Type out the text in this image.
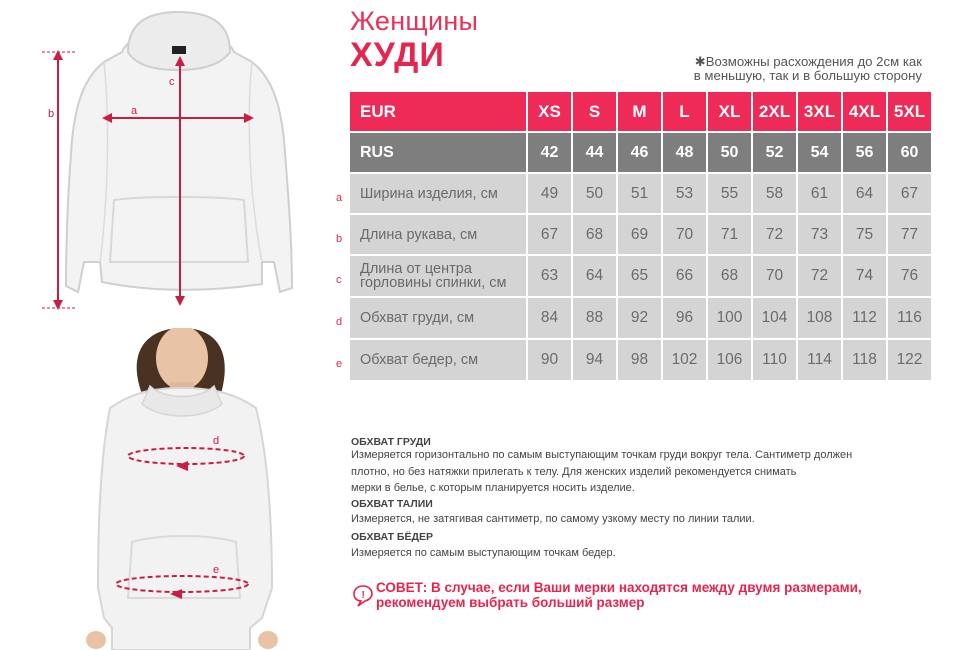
b	a
c
d
e
Женщины
ХУДИ	✱Возможны расхождения до 2см как
в меньшую, так и в большую сторону
EUR	XS	S	M	L	XL	2XL	3XL	4XL	5XL
RUS	42	44	46	48	50	52	54	56	60
Ширина изделия, см	49	50	51	53	55	58	61	64	67
Длина рукава, см	67	68	69	70	71	72	73	75	77

Длина от центра
горловины спинки, см	63	64	65	66	68	70	72	74	76
Обхват груди, см	84	88	92	96	100	104	108	112	116
Обхват бедер, см	90	94	98	102	106	110	114	118	122
a
b
c
d
e
ОБХВАТ ГРУДИ
Измеряется горизонтально по самым выступающим точкам груди вокруг тела. Сантиметр должен
плотно, но без натяжки прилегать к телу. Для женских изделий рекомендуется снимать
мерки в белье, с которым планируется носить изделие.
ОБХВАТ ТАЛИИ
Измеряется, не затягивая сантиметр, по самому узкому месту по линии талии.
ОБХВАТ БЁДЕР
Измеряется по самым выступающим точкам бедер.
!
СОВЕТ: В случае, если Ваши мерки находятся между двумя размерами,
рекомендуем выбрать больший размер
